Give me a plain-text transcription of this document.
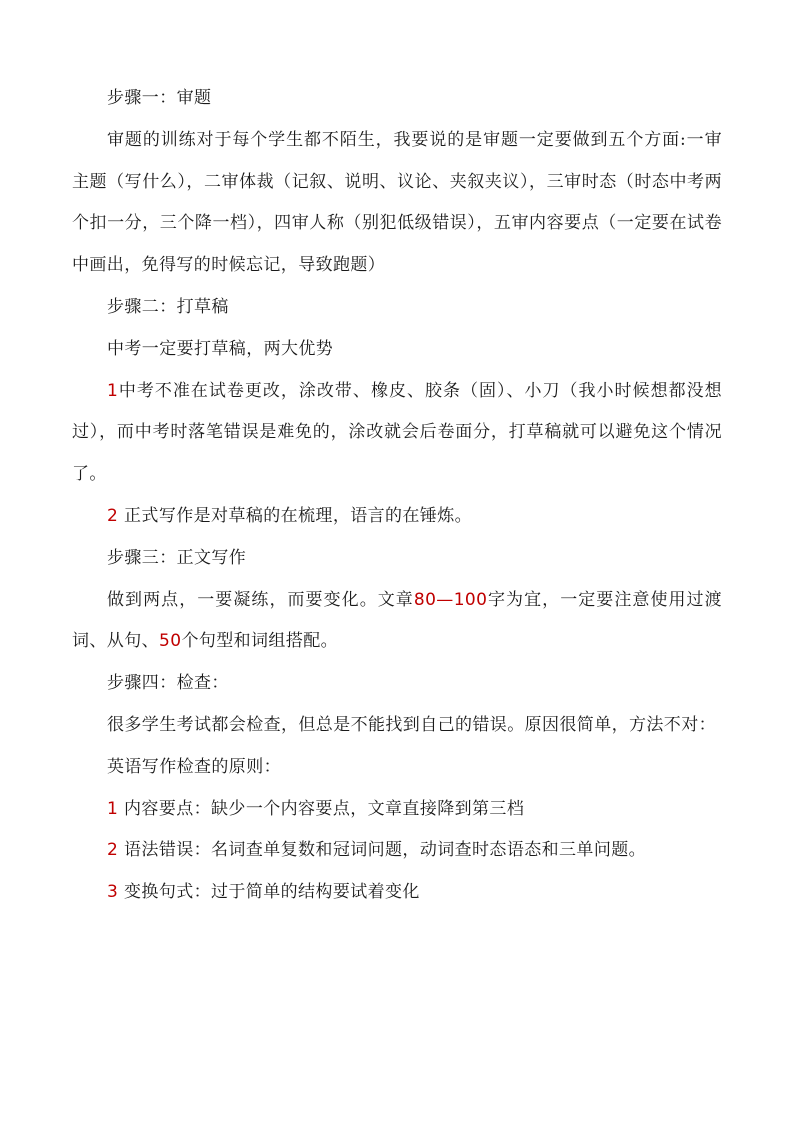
步骤一：审题

审题的训练对于每个学生都不陌生，我要说的是审题一定要做到五个方面:一审主题（写什么），二审体裁（记叙、说明、议论、夹叙夹议），三审时态（时态中考两个扣一分，三个降一档），四审人称（别犯低级错误），五审内容要点（一定要在试卷中画出，免得写的时候忘记，导致跑题）

步骤二：打草稿

中考一定要打草稿，两大优势

1中考不准在试卷更改，涂改带、橡皮、胶条（固）、小刀（我小时候想都没想过），而中考时落笔错误是难免的，涂改就会后卷面分，打草稿就可以避免这个情况了。

2 正式写作是对草稿的在梳理，语言的在锤炼。

步骤三：正文写作

做到两点，一要凝练，而要变化。文章80—100字为宜，一定要注意使用过渡词、从句、50个句型和词组搭配。

步骤四：检查：

很多学生考试都会检查，但总是不能找到自己的错误。原因很简单，方法不对：

英语写作检查的原则：

1 内容要点：缺少一个内容要点，文章直接降到第三档

2 语法错误：名词查单复数和冠词问题，动词查时态语态和三单问题。

3 变换句式：过于简单的结构要试着变化
